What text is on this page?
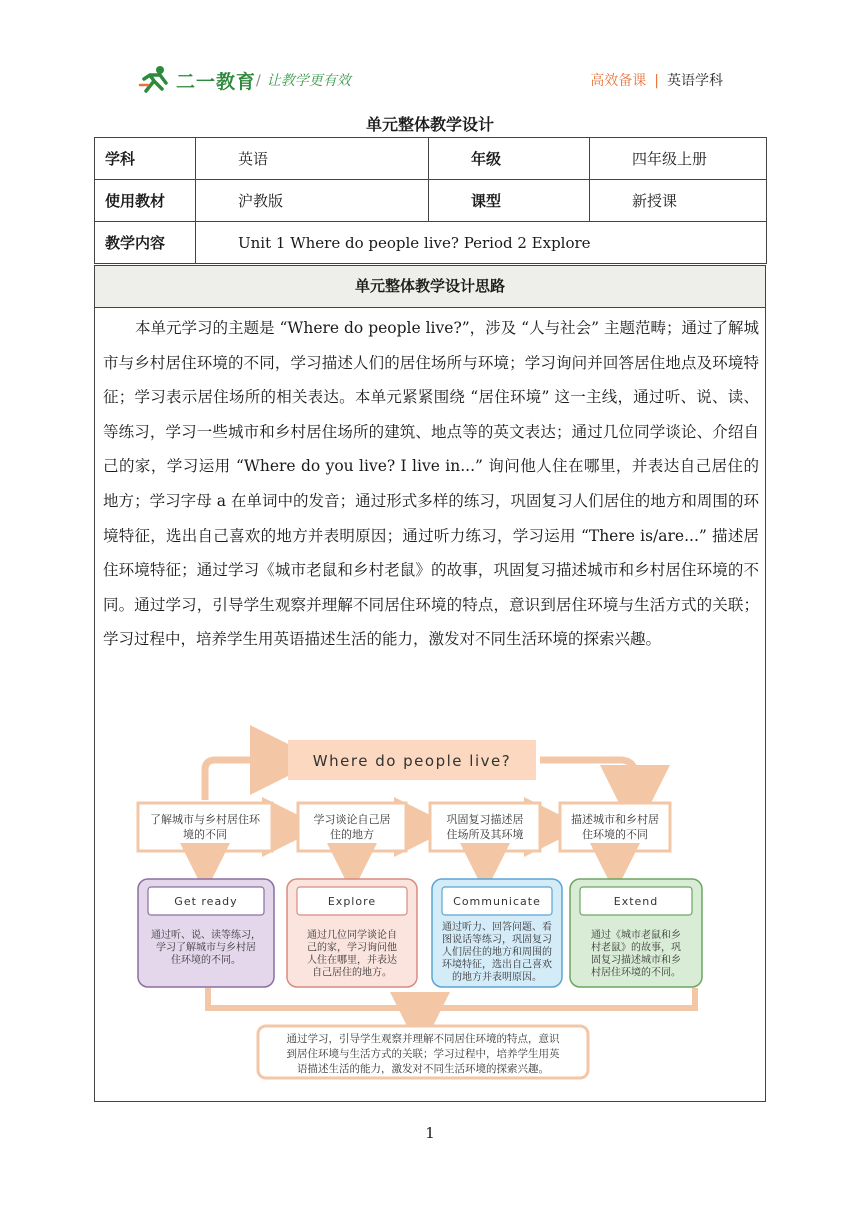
二一教育 / 让教学更有效	高效备课 | 英语学科
单元整体教学设计
学科	英语	年级	四年级上册
使用教材	沪教版	课型	新授课
教学内容	Unit 1 Where do people live? Period 2 Explore		
单元整体教学设计思路
本单元学习的主题是 “Where do people live?”，涉及 “人与社会” 主题范畴；通过了解城市与乡村居住环境的不同，学习描述人们的居住场所与环境；学习询问并回答居住地点及环境特征；学习表示居住场所的相关表达。本单元紧紧围绕 “居住环境” 这一主线，通过听、说、读、等练习，学习一些城市和乡村居住场所的建筑、地点等的英文表达；通过几位同学谈论、介绍自己的家，学习运用 “Where do you live? I live in...” 询问他人住在哪里，并表达自己居住的地方；学习字母 a 在单词中的发音；通过形式多样的练习，巩固复习人们居住的地方和周围的环境特征，选出自己喜欢的地方并表明原因；通过听力练习，学习运用 “There is/are...” 描述居住环境特征；通过学习《城市老鼠和乡村老鼠》的故事，巩固复习描述城市和乡村居住环境的不同。通过学习，引导学生观察并理解不同居住环境的特点，意识到居住环境与生活方式的关联；学习过程中，培养学生用英语描述生活的能力，激发对不同生活环境的探索兴趣。
Where do people live?
了解城市与乡村居住环
境的不同
学习谈论自己居
住的地方
巩固复习描述居
住场所及其环境
描述城市和乡村居
住环境的不同
Get ready
通过听、说、读等练习，
学习了解城市与乡村居
住环境的不同。
Explore
通过几位同学谈论自
己的家，学习询问他
人住在哪里，并表达
自己居住的地方。
Communicate
通过听力、回答问题、看
图说话等练习，巩固复习
人们居住的地方和周围的
环境特征，选出自己喜欢
的地方并表明原因。
Extend
通过《城市老鼠和乡
村老鼠》的故事，巩
固复习描述城市和乡
村居住环境的不同。
通过学习，引导学生观察并理解不同居住环境的特点，意识
到居住环境与生活方式的关联；学习过程中，培养学生用英
语描述生活的能力，激发对不同生活环境的探索兴趣。
1
